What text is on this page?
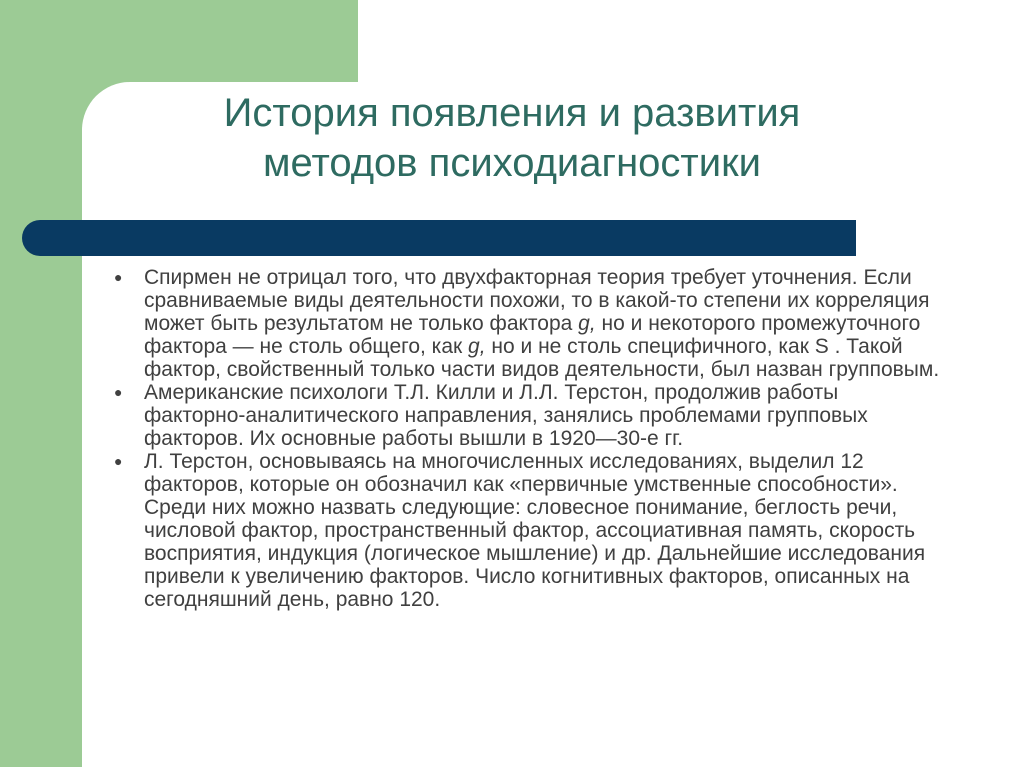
История появления и развития
методов психодиагностики
●	Спирмен не отрицал того, что двухфакторная теория требует уточнения. Если сравниваемые виды деятельности похожи, то в какой-то степени их корреляция может быть результатом не только фактора g, но и некоторого промежуточного фактора — не столь общего, как g, но и не столь специфичного, как S . Такой фактор, свойственный только части видов деятельности, был назван групповым.
●	Американские психологи Т.Л. Килли и Л.Л. Терстон, продолжив работы факторно-аналитического направления, занялись проблемами групповых факторов. Их основные работы вышли в 1920—30-е гг.
●	Л. Терстон, основываясь на многочисленных исследованиях, выделил 12 факторов, которые он обозначил как «первичные умственные способности». Среди них можно назвать следующие: словесное понимание, беглость речи, числовой фактор, пространственный фактор, ассоциативная память, скорость восприятия, индукция (логическое мышление) и др. Дальнейшие исследования привели к увеличению факторов. Число когнитивных факторов, описанных на сегодняшний день, равно 120.
